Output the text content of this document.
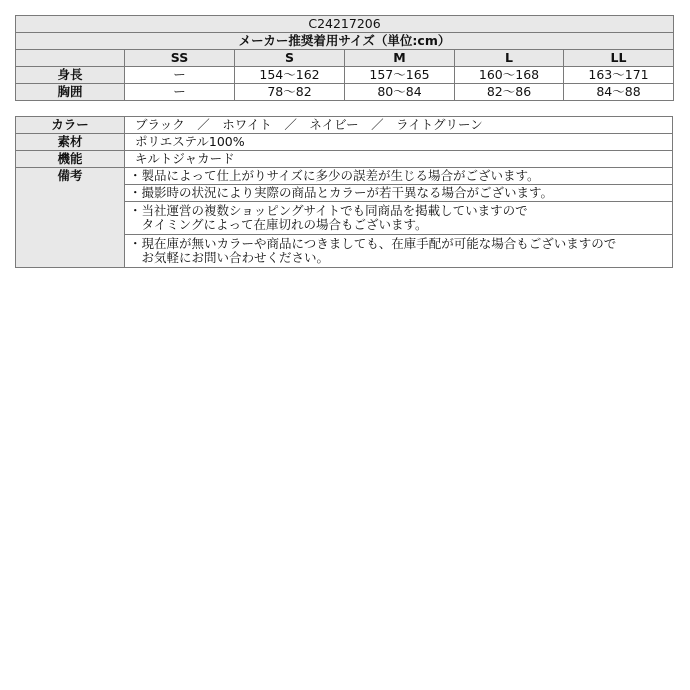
C24217206					
メーカー推奨着用サイズ（単位:cm）					
	SS	S	M	L	LL
身長	ー	154〜162	157〜165	160〜168	163〜171
胸囲	ー	78〜82	80〜84	82〜86	84〜88
カラー	ブラック　／　ホワイト　／　ネイビー　／　ライトグリーン
素材	ポリエステル100%
機能	キルトジャカード
備考	・製品によって仕上がりサイズに多少の誤差が生じる場合がございます。

	・撮影時の状況により実際の商品とカラーが若干異なる場合がございます。

	・当社運営の複数ショッピングサイトでも同商品を掲載していますので
　タイミングによって在庫切れの場合もございます。

	・現在庫が無いカラーや商品につきましても、在庫手配が可能な場合もございますので
　お気軽にお問い合わせください。
